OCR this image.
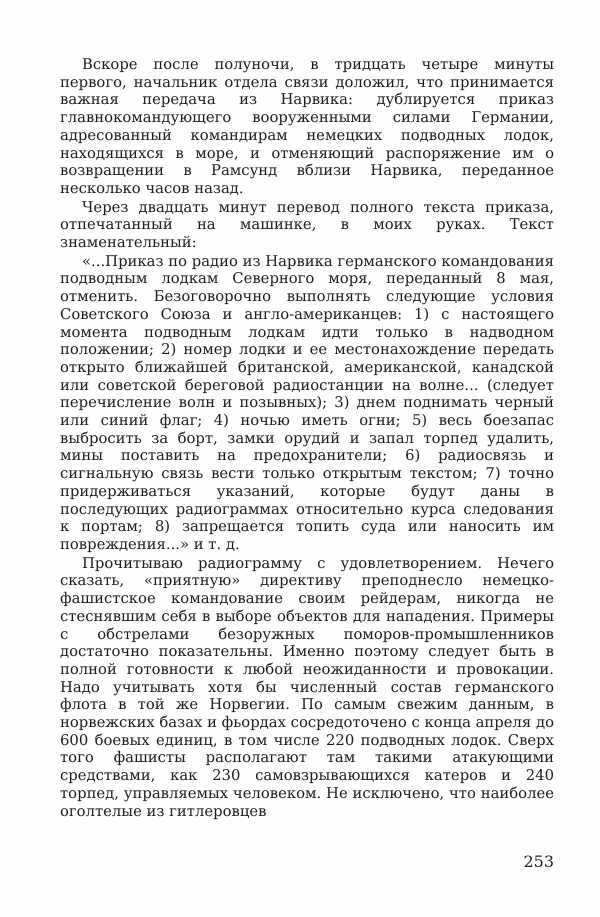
Вскоре после полуночи, в тридцать четыре минуты первого, начальник отдела связи доложил, что принимается важная передача из Нарвика: дублируется приказ главнокомандующего вооруженными силами Германии, адресованный командирам немецких подводных лодок, находящихся в море, и отменяющий распоряжение им о возвращении в Рамсунд вблизи Нарвика, переданное несколько часов назад.

Через двадцать минут перевод полного текста приказа, отпечатанный на машинке, в моих руках. Текст знаменательный:

«...Приказ по радио из Нарвика германского командования подводным лодкам Северного моря, переданный 8 мая, отменить. Безоговорочно выполнять следующие условия Советского Союза и англо-американцев: 1) с настоящего момента подводным лодкам идти только в надводном положении; 2) номер лодки и ее местонахождение передать открыто ближайшей британской, американской, канадской или советской береговой радиостанции на волне... (следует перечисление волн и позывных); 3) днем поднимать черный или синий флаг; 4) ночью иметь огни; 5) весь боезапас выбросить за борт, замки орудий и запал торпед удалить, мины поставить на предохранители; 6) радиосвязь и сигнальную связь вести только открытым текстом; 7) точно придерживаться указаний, которые будут даны в последующих радиограммах относительно курса следования к портам; 8) запрещается топить суда или наносить им повреждения...» и т. д.

Прочитываю радиограмму с удовлетворением. Нечего сказать, «приятную» директиву преподнесло немецко-фашистское командование своим рейдерам, никогда не стеснявшим себя в выборе объектов для нападения. Примеры с обстрелами безоружных поморов-промышленников достаточно показательны. Именно поэтому следует быть в полной готовности к любой неожиданности и провокации. Надо учитывать хотя бы численный состав германского флота в той же Норвегии. По самым свежим данным, в норвежских базах и фьордах сосредоточено с конца апреля до 600 боевых единиц, в том числе 220 подводных лодок. Сверх того фашисты располагают там такими атакующими средствами, как 230 самовзрывающихся катеров и 240 торпед, управляемых человеком. Не исключено, что наиболее оголтелые из гитлеровцев

253
